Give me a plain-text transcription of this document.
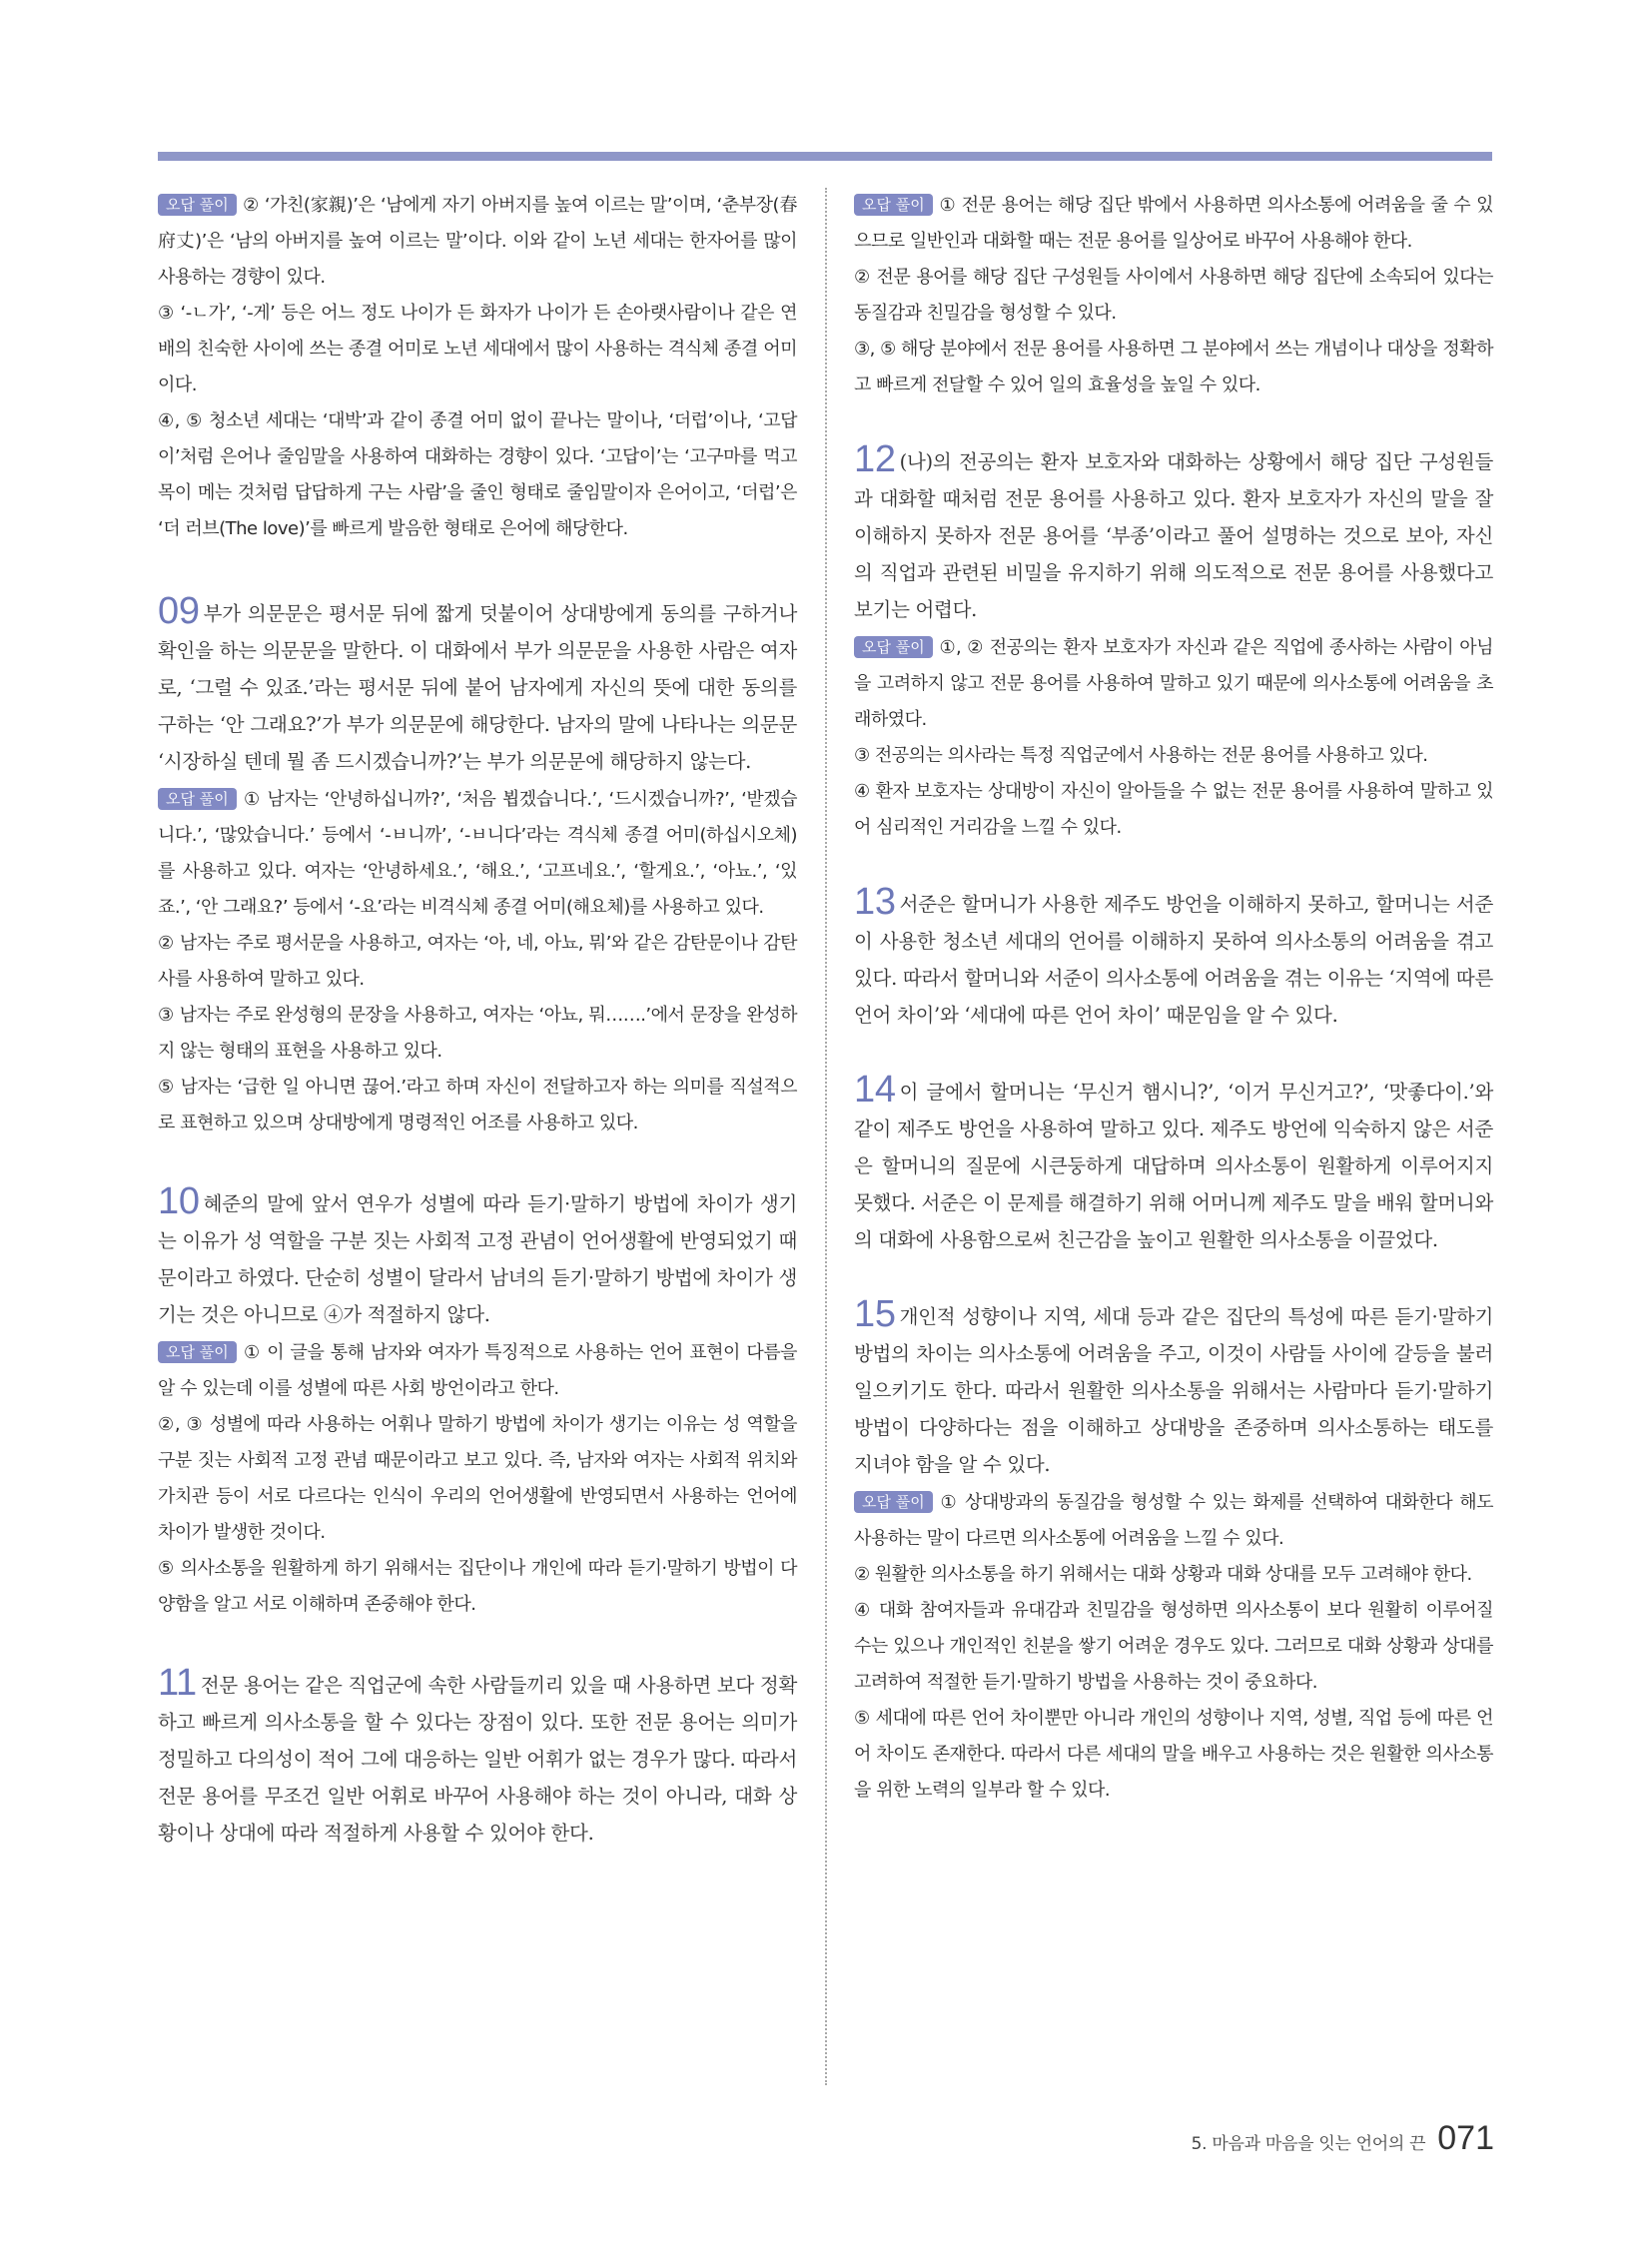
오답 풀이 ② ‘가친(家親)’은 ‘남에게 자기 아버지를 높여 이르는 말’이며, ‘춘부장(春府丈)’은 ‘남의 아버지를 높여 이르는 말’이다. 이와 같이 노년 세대는 한자어를 많이 사용하는 경향이 있다.

③ ‘-ㄴ가’, ‘-게’ 등은 어느 정도 나이가 든 화자가 나이가 든 손아랫사람이나 같은 연배의 친숙한 사이에 쓰는 종결 어미로 노년 세대에서 많이 사용하는 격식체 종결 어미이다.

④, ⑤ 청소년 세대는 ‘대박’과 같이 종결 어미 없이 끝나는 말이나, ‘더럽’이나, ‘고답이’처럼 은어나 줄임말을 사용하여 대화하는 경향이 있다. ‘고답이’는 ‘고구마를 먹고 목이 메는 것처럼 답답하게 구는 사람’을 줄인 형태로 줄임말이자 은어이고, ‘더럽’은 ‘더 러브(The love)’를 빠르게 발음한 형태로 은어에 해당한다.

09 부가 의문문은 평서문 뒤에 짧게 덧붙이어 상대방에게 동의를 구하거나 확인을 하는 의문문을 말한다. 이 대화에서 부가 의문문을 사용한 사람은 여자로, ‘그럴 수 있죠.’라는 평서문 뒤에 붙어 남자에게 자신의 뜻에 대한 동의를 구하는 ‘안 그래요?’가 부가 의문문에 해당한다. 남자의 말에 나타나는 의문문 ‘시장하실 텐데 뭘 좀 드시겠습니까?’는 부가 의문문에 해당하지 않는다.

오답 풀이 ① 남자는 ‘안녕하십니까?’, ‘처음 뵙겠습니다.’, ‘드시겠습니까?’, ‘받겠습니다.’, ‘많았습니다.’ 등에서 ‘-ㅂ니까’, ‘-ㅂ니다’라는 격식체 종결 어미(하십시오체)를 사용하고 있다. 여자는 ‘안녕하세요.’, ‘해요.’, ‘고프네요.’, ‘할게요.’, ‘아뇨.’, ‘있죠.’, ‘안 그래요?’ 등에서 ‘-요’라는 비격식체 종결 어미(해요체)를 사용하고 있다.

② 남자는 주로 평서문을 사용하고, 여자는 ‘아, 네, 아뇨, 뭐’와 같은 감탄문이나 감탄사를 사용하여 말하고 있다.

③ 남자는 주로 완성형의 문장을 사용하고, 여자는 ‘아뇨, 뭐…….’에서 문장을 완성하지 않는 형태의 표현을 사용하고 있다.

⑤ 남자는 ‘급한 일 아니면 끊어.’라고 하며 자신이 전달하고자 하는 의미를 직설적으로 표현하고 있으며 상대방에게 명령적인 어조를 사용하고 있다.

10 혜준의 말에 앞서 연우가 성별에 따라 듣기·말하기 방법에 차이가 생기는 이유가 성 역할을 구분 짓는 사회적 고정 관념이 언어생활에 반영되었기 때문이라고 하였다. 단순히 성별이 달라서 남녀의 듣기·말하기 방법에 차이가 생기는 것은 아니므로 ④가 적절하지 않다.

오답 풀이 ① 이 글을 통해 남자와 여자가 특징적으로 사용하는 언어 표현이 다름을 알 수 있는데 이를 성별에 따른 사회 방언이라고 한다.

②, ③ 성별에 따라 사용하는 어휘나 말하기 방법에 차이가 생기는 이유는 성 역할을 구분 짓는 사회적 고정 관념 때문이라고 보고 있다. 즉, 남자와 여자는 사회적 위치와 가치관 등이 서로 다르다는 인식이 우리의 언어생활에 반영되면서 사용하는 언어에 차이가 발생한 것이다.

⑤ 의사소통을 원활하게 하기 위해서는 집단이나 개인에 따라 듣기·말하기 방법이 다양함을 알고 서로 이해하며 존중해야 한다.

11 전문 용어는 같은 직업군에 속한 사람들끼리 있을 때 사용하면 보다 정확하고 빠르게 의사소통을 할 수 있다는 장점이 있다. 또한 전문 용어는 의미가 정밀하고 다의성이 적어 그에 대응하는 일반 어휘가 없는 경우가 많다. 따라서 전문 용어를 무조건 일반 어휘로 바꾸어 사용해야 하는 것이 아니라, 대화 상황이나 상대에 따라 적절하게 사용할 수 있어야 한다.

오답 풀이 ① 전문 용어는 해당 집단 밖에서 사용하면 의사소통에 어려움을 줄 수 있으므로 일반인과 대화할 때는 전문 용어를 일상어로 바꾸어 사용해야 한다.

② 전문 용어를 해당 집단 구성원들 사이에서 사용하면 해당 집단에 소속되어 있다는 동질감과 친밀감을 형성할 수 있다.

③, ⑤ 해당 분야에서 전문 용어를 사용하면 그 분야에서 쓰는 개념이나 대상을 정확하고 빠르게 전달할 수 있어 일의 효율성을 높일 수 있다.

12 (나)의 전공의는 환자 보호자와 대화하는 상황에서 해당 집단 구성원들과 대화할 때처럼 전문 용어를 사용하고 있다. 환자 보호자가 자신의 말을 잘 이해하지 못하자 전문 용어를 ‘부종’이라고 풀어 설명하는 것으로 보아, 자신의 직업과 관련된 비밀을 유지하기 위해 의도적으로 전문 용어를 사용했다고 보기는 어렵다.

오답 풀이 ①, ② 전공의는 환자 보호자가 자신과 같은 직업에 종사하는 사람이 아님을 고려하지 않고 전문 용어를 사용하여 말하고 있기 때문에 의사소통에 어려움을 초래하였다.

③ 전공의는 의사라는 특정 직업군에서 사용하는 전문 용어를 사용하고 있다.

④ 환자 보호자는 상대방이 자신이 알아들을 수 없는 전문 용어를 사용하여 말하고 있어 심리적인 거리감을 느낄 수 있다.

13 서준은 할머니가 사용한 제주도 방언을 이해하지 못하고, 할머니는 서준이 사용한 청소년 세대의 언어를 이해하지 못하여 의사소통의 어려움을 겪고 있다. 따라서 할머니와 서준이 의사소통에 어려움을 겪는 이유는 ‘지역에 따른 언어 차이’와 ‘세대에 따른 언어 차이’ 때문임을 알 수 있다.

14 이 글에서 할머니는 ‘무신거 햄시니?’, ‘이거 무신거고?’, ‘맛좋다이.’와 같이 제주도 방언을 사용하여 말하고 있다. 제주도 방언에 익숙하지 않은 서준은 할머니의 질문에 시큰둥하게 대답하며 의사소통이 원활하게 이루어지지 못했다. 서준은 이 문제를 해결하기 위해 어머니께 제주도 말을 배워 할머니와의 대화에 사용함으로써 친근감을 높이고 원활한 의사소통을 이끌었다.

15 개인적 성향이나 지역, 세대 등과 같은 집단의 특성에 따른 듣기·말하기 방법의 차이는 의사소통에 어려움을 주고, 이것이 사람들 사이에 갈등을 불러일으키기도 한다. 따라서 원활한 의사소통을 위해서는 사람마다 듣기·말하기 방법이 다양하다는 점을 이해하고 상대방을 존중하며 의사소통하는 태도를 지녀야 함을 알 수 있다.

오답 풀이 ① 상대방과의 동질감을 형성할 수 있는 화제를 선택하여 대화한다 해도 사용하는 말이 다르면 의사소통에 어려움을 느낄 수 있다.

② 원활한 의사소통을 하기 위해서는 대화 상황과 대화 상대를 모두 고려해야 한다.

④ 대화 참여자들과 유대감과 친밀감을 형성하면 의사소통이 보다 원활히 이루어질 수는 있으나 개인적인 친분을 쌓기 어려운 경우도 있다. 그러므로 대화 상황과 상대를 고려하여 적절한 듣기·말하기 방법을 사용하는 것이 중요하다.

⑤ 세대에 따른 언어 차이뿐만 아니라 개인의 성향이나 지역, 성별, 직업 등에 따른 언어 차이도 존재한다. 따라서 다른 세대의 말을 배우고 사용하는 것은 원활한 의사소통을 위한 노력의 일부라 할 수 있다.

5. 마음과 마음을 잇는 언어의 끈 071
